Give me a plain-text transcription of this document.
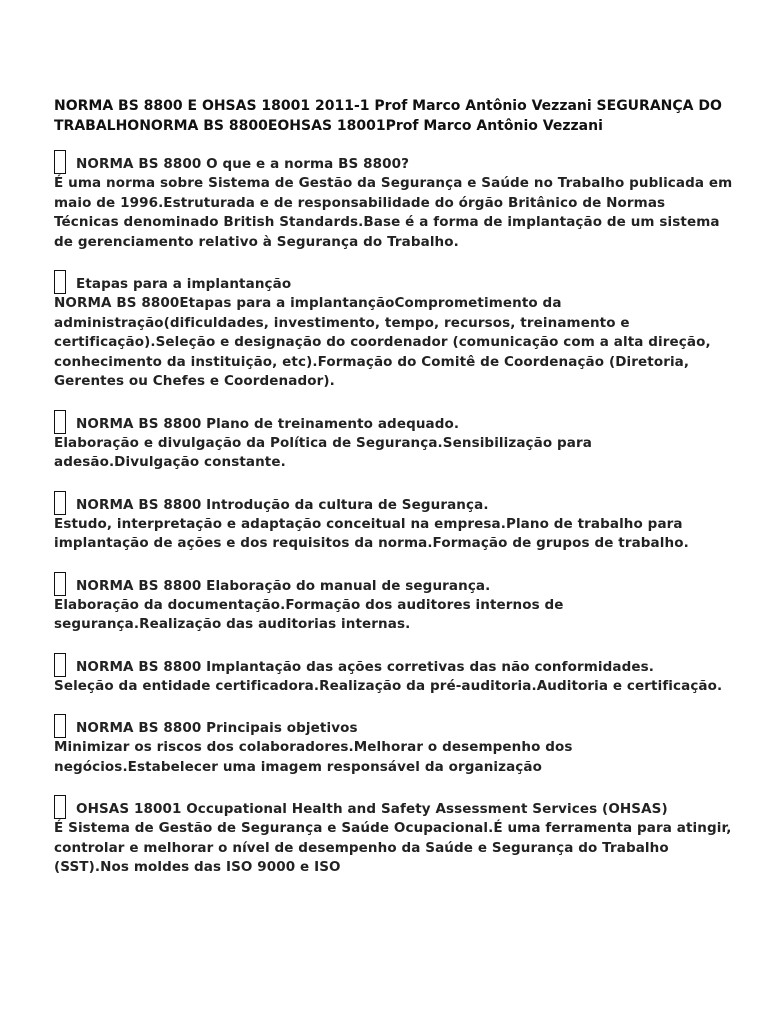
NORMA BS 8800 E OHSAS 18001 2011-1 Prof Marco Antônio Vezzani SEGURANÇA DO TRABALHONORMA BS 8800EOHSAS 18001Prof Marco Antônio Vezzani
NORMA BS 8800 O que e a norma BS 8800?

É uma norma sobre Sistema de Gestão da Segurança e Saúde no Trabalho publicada em maio de 1996.Estruturada e de responsabilidade do órgão Britânico de Normas Técnicas denominado British Standards.Base é a forma de implantação de um sistema de gerenciamento relativo à Segurança do Trabalho.

Etapas para a implantanção

NORMA BS 8800Etapas para a implantançãoComprometimento da administração(dificuldades, investimento, tempo, recursos, treinamento e certificação).Seleção e designação do coordenador (comunicação com a alta direção, conhecimento da instituição, etc).Formação do Comitê de Coordenação (Diretoria, Gerentes ou Chefes e Coordenador).

NORMA BS 8800 Plano de treinamento adequado.

Elaboração e divulgação da Política de Segurança.Sensibilização para adesão.Divulgação constante.

NORMA BS 8800 Introdução da cultura de Segurança.

Estudo, interpretação e adaptação conceitual na empresa.Plano de trabalho para implantação de ações e dos requisitos da norma.Formação de grupos de trabalho.

NORMA BS 8800 Elaboração do manual de segurança.

Elaboração da documentação.Formação dos auditores internos de segurança.Realização das auditorias internas.

NORMA BS 8800 Implantação das ações corretivas das não conformidades.

Seleção da entidade certificadora.Realização da pré-auditoria.Auditoria e certificação.

NORMA BS 8800 Principais objetivos

Minimizar os riscos dos colaboradores.Melhorar o desempenho dos negócios.Estabelecer uma imagem responsável da organização

OHSAS 18001 Occupational Health and Safety Assessment Services (OHSAS)

É Sistema de Gestão de Segurança e Saúde Ocupacional.É uma ferramenta para atingir, controlar e melhorar o nível de desempenho da Saúde e Segurança do Trabalho (SST).Nos moldes das ISO 9000 e ISO
